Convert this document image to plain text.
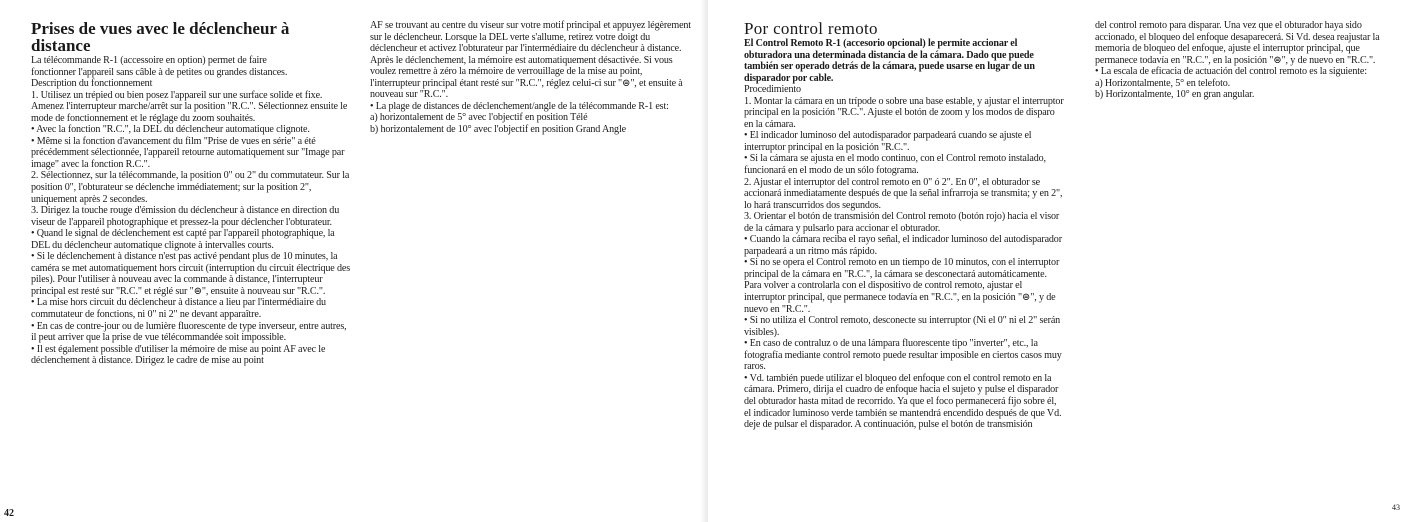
Prises de vues avec le déclencheur à distance

La télécommande R-1 (accessoire en option) permet de faire
fonctionner l'appareil sans câble à de petites ou grandes distances.
Description du fonctionnement
1. Utilisez un trépied ou bien posez l'appareil sur une surface solide et fixe. Amenez l'interrupteur marche/arrêt sur la position "R.C.". Sélectionnez ensuite le mode de fonctionnement et le réglage du zoom souhaités.
• Avec la fonction "R.C.", la DEL du déclencheur automatique clignote.
• Même si la fonction d'avancement du film "Prise de vues en série" a été précédemment sélectionnée, l'appareil retourne automatiquement sur "Image par image" avec la fonction R.C.".
2. Sélectionnez, sur la télécommande, la position 0" ou 2" du commutateur. Sur la position 0", l'obturateur se déclenche immédiatement; sur la position 2", uniquement après 2 secondes.
3. Dirigez la touche rouge d'émission du déclencheur à distance en direction du viseur de l'appareil photographique et pressez-la pour déclencher l'obturateur.
• Quand le signal de déclenchement est capté par l'appareil photographique, la DEL du déclencheur automatique clignote à intervalles courts.
• Si le déclenchement à distance n'est pas activé pendant plus de 10 minutes, la caméra se met automatiquement hors circuit (interruption du circuit électrique des piles). Pour l'utiliser à nouveau avec la commande à distance, l'interrupteur principal est resté sur "R.C." et réglé sur "⊜", ensuite à nouveau sur "R.C.".
• La mise hors circuit du déclencheur à distance a lieu par l'intermédiaire du commutateur de fonctions, ni 0" ni 2" ne devant apparaître.
• En cas de contre-jour ou de lumière fluorescente de type inverseur, entre autres, il peut arriver que la prise de vue télécommandée soit impossible.
• Il est également possible d'utiliser la mémoire de mise au point AF avec le déclenchement à distance. Dirigez le cadre de mise au point

AF se trouvant au centre du viseur sur votre motif principal et appuyez légèrement sur le déclencheur. Lorsque la DEL verte s'allume, retirez votre doigt du déclencheur et activez l'obturateur par l'intermédiaire du déclencheur à distance. Après le déclenchement, la mémoire est automatiquement désactivée. Si vous voulez remettre à zéro la mémoire de verrouillage de la mise au point, l'interrupteur principal étant resté sur "R.C.", réglez celui-ci sur "⊜", et ensuite à nouveau sur "R.C.".
• La plage de distances de déclenchement/angle de la télécommande R-1 est:
a) horizontalement de 5° avec l'objectif en position Télé
b) horizontalement de 10° avec l'objectif en position Grand Angle

42
Por control remoto

El Control Remoto R-1 (accesorio opcional) le permite accionar el obturadora una determinada distancia de la cámara. Dado que puede también ser operado detrás de la cámara, puede usarse en lugar de un disparador por cable.

Procedimiento
1. Montar la cámara en un trípode o sobre una base estable, y ajustar el interruptor principal en la posición "R.C.". Ajuste el botón de zoom y los modos de disparo en la cámara.
• El indicador luminoso del autodisparador parpadeará cuando se ajuste el interruptor principal en la posición "R.C.".
• Si la cámara se ajusta en el modo continuo, con el Control remoto instalado, funcionará en el modo de un sólo fotograma.
2. Ajustar el interruptor del control remoto en 0" ó 2". En 0", el obturador se accionará inmediatamente después de que la señal infrarroja se transmita; y en 2", lo hará transcurridos dos segundos.
3. Orientar el botón de transmisión del Control remoto (botón rojo) hacia el visor de la cámara y pulsarlo para accionar el obturador.
• Cuando la cámara reciba el rayo señal, el indicador luminoso del autodisparador parpadeará a un ritmo más rápido.
• Si no se opera el Control remoto en un tiempo de 10 minutos, con el interruptor principal de la cámara en "R.C.", la cámara se desconectará automáticamente. Para volver a controlarla con el dispositivo de control remoto, ajustar el interruptor principal, que permanece todavía en "R.C.", en la posición "⊜", y de nuevo en "R.C.".
• Si no utiliza el Control remoto, desconecte su interruptor (Ni el 0" ni el 2" serán visibles).
• En caso de contraluz o de una lámpara fluorescente tipo "inverter", etc., la fotografía mediante control remoto puede resultar imposible en ciertos casos muy raros.
• Vd. también puede utilizar el bloqueo del enfoque con el control remoto en la cámara. Primero, dirija el cuadro de enfoque hacia el sujeto y pulse el disparador del obturador hasta mitad de recorrido. Ya que el foco permanecerá fijo sobre él, el indicador luminoso verde también se mantendrá encendido después de que Vd. deje de pulsar el disparador. A continuación, pulse el botón de transmisión

del control remoto para disparar. Una vez que el obturador haya sido accionado, el bloqueo del enfoque desaparecerá. Si Vd. desea reajustar la memoria de bloqueo del enfoque, ajuste el interruptor principal, que
permanece todavía en "R.C.", en la posición "⊜", y de nuevo en "R.C.".
• La escala de eficacia de actuación del control remoto es la siguiente:
a) Horizontalmente, 5° en telefoto.
b) Horizontalmente, 10° en gran angular.

43
